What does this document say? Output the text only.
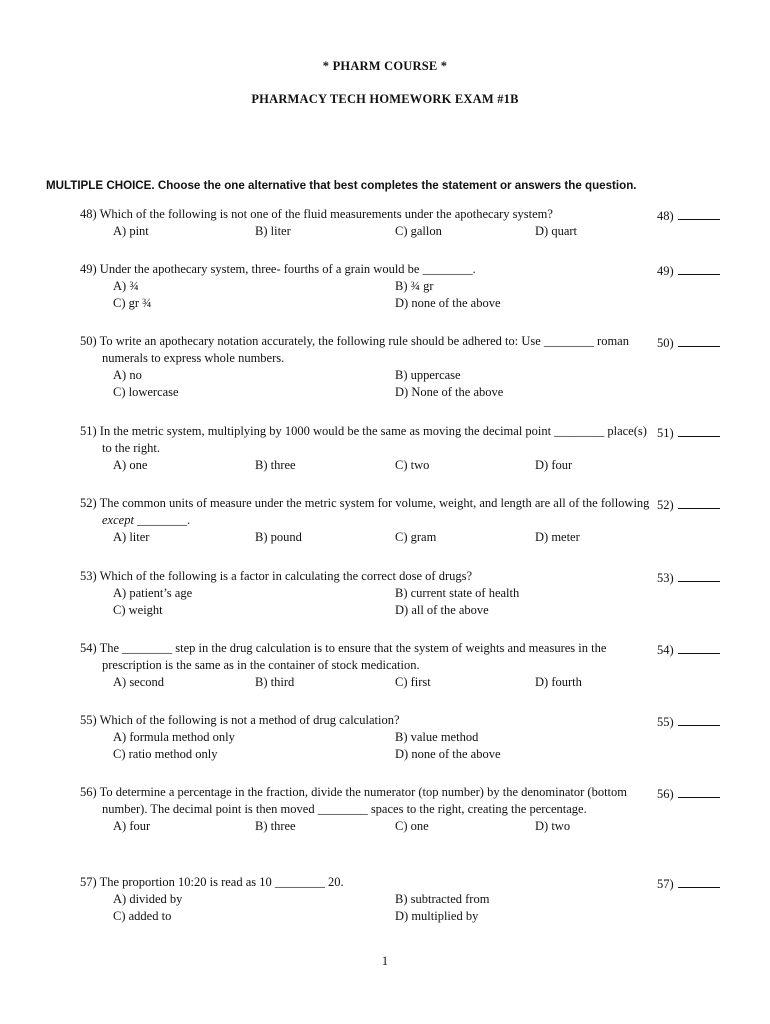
* PHARM COURSE *
PHARMACY TECH HOMEWORK EXAM #1B
MULTIPLE CHOICE. Choose the one alternative that best completes the statement or answers the question.
48) Which of the following is not one of the fluid measurements under the apothecary system?
A) pint	B) liter	C) gallon	D) quart
48)
49) Under the apothecary system, three- fourths of a grain would be ________.
A) ¾	B) ¾ gr
C) gr ¾	D) none of the above
49)
50) To write an apothecary notation accurately, the following rule should be adhered to: Use ________ roman numerals to express whole numbers.
A) no	B) uppercase
C) lowercase	D) None of the above
50)
51) In the metric system, multiplying by 1000 would be the same as moving the decimal point ________ place(s) to the right.
A) one	B) three	C) two	D) four
51)
52) The common units of measure under the metric system for volume, weight, and length are all of the following except ________.
A) liter	B) pound	C) gram	D) meter
52)
53) Which of the following is a factor in calculating the correct dose of drugs?
A) patient’s age	B) current state of health
C) weight	D) all of the above
53)
54) The ________ step in the drug calculation is to ensure that the system of weights and measures in the prescription is the same as in the container of stock medication.
A) second	B) third	C) first	D) fourth
54)
55) Which of the following is not a method of drug calculation?
A) formula method only	B) value method
C) ratio method only	D) none of the above
55)
56) To determine a percentage in the fraction, divide the numerator (top number) by the denominator (bottom number). The decimal point is then moved ________ spaces to the right, creating the percentage.
A) four	B) three	C) one	D) two
56)
57) The proportion 10:20 is read as 10 ________ 20.
A) divided by	B) subtracted from
C) added to	D) multiplied by
57)
1
